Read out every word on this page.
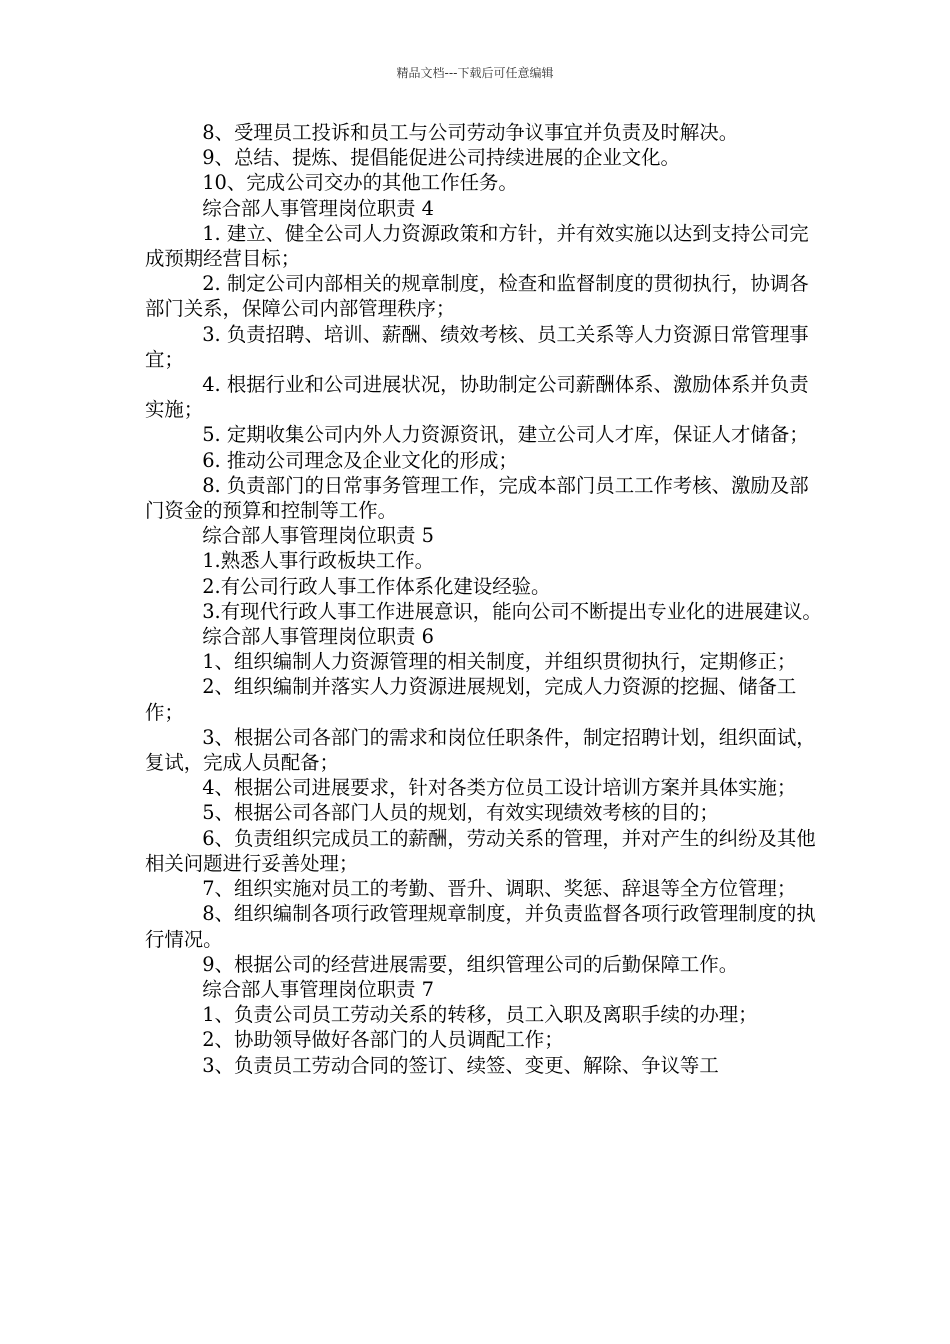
精品文档---下载后可任意编辑

8、受理员工投诉和员工与公司劳动争议事宜并负责及时解决。

9、总结、提炼、提倡能促进公司持续进展的企业文化。

10、完成公司交办的其他工作任务。

综合部人事管理岗位职责 4

1. 建立、健全公司人力资源政策和方针，并有效实施以达到支持公司完成预期经营目标；

2. 制定公司内部相关的规章制度，检查和监督制度的贯彻执行，协调各部门关系，保障公司内部管理秩序；

3. 负责招聘、培训、薪酬、绩效考核、员工关系等人力资源日常管理事宜；

4. 根据行业和公司进展状况，协助制定公司薪酬体系、激励体系并负责实施；

5. 定期收集公司内外人力资源资讯，建立公司人才库，保证人才储备；

6. 推动公司理念及企业文化的形成；

8. 负责部门的日常事务管理工作，完成本部门员工工作考核、激励及部门资金的预算和控制等工作。

综合部人事管理岗位职责 5

1.熟悉人事行政板块工作。

2.有公司行政人事工作体系化建设经验。

3.有现代行政人事工作进展意识，能向公司不断提出专业化的进展建议。

综合部人事管理岗位职责 6

1、组织编制人力资源管理的相关制度，并组织贯彻执行，定期修正；

2、组织编制并落实人力资源进展规划，完成人力资源的挖掘、储备工作；

3、根据公司各部门的需求和岗位任职条件，制定招聘计划，组织面试，复试，完成人员配备；

4、根据公司进展要求，针对各类方位员工设计培训方案并具体实施；

5、根据公司各部门人员的规划，有效实现绩效考核的目的；

6、负责组织完成员工的薪酬，劳动关系的管理，并对产生的纠纷及其他相关问题进行妥善处理；

7、组织实施对员工的考勤、晋升、调职、奖惩、辞退等全方位管理；

8、组织编制各项行政管理规章制度，并负责监督各项行政管理制度的执行情况。

9、根据公司的经营进展需要，组织管理公司的后勤保障工作。

综合部人事管理岗位职责 7

1、负责公司员工劳动关系的转移，员工入职及离职手续的办理；

2、协助领导做好各部门的人员调配工作；

3、负责员工劳动合同的签订、续签、变更、解除、争议等工
